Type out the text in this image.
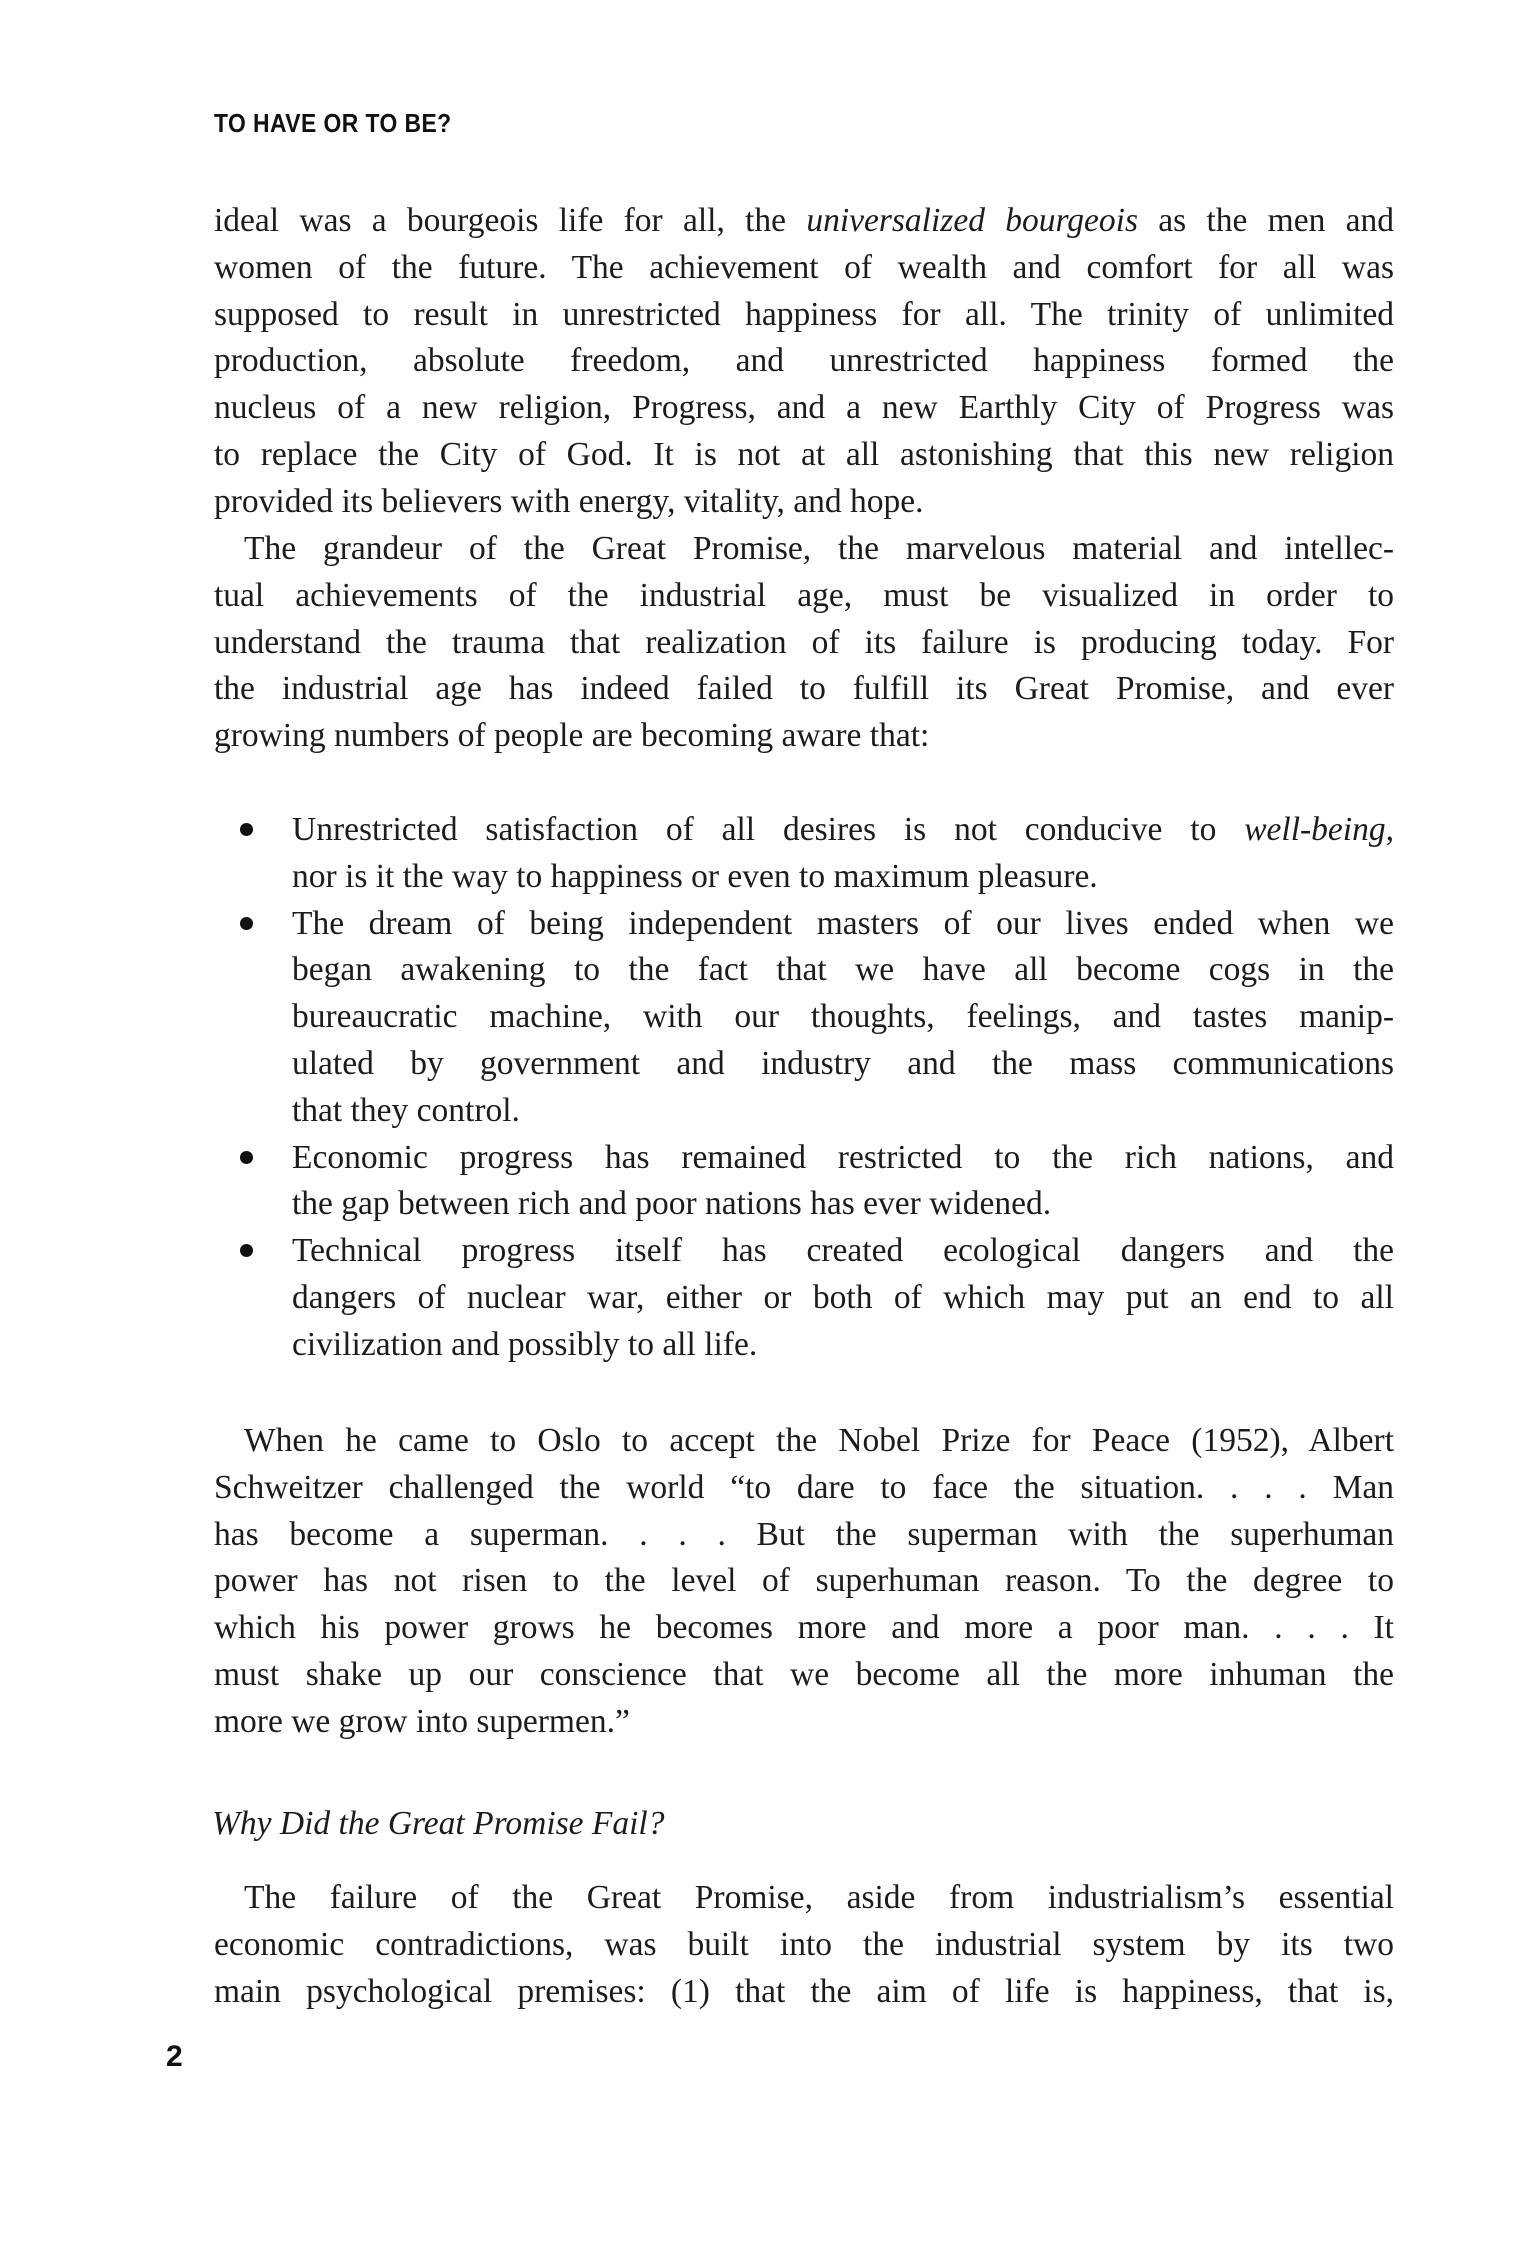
TO HAVE OR TO BE?
ideal was a bourgeois life for all, the universalized bourgeois as the men and
women of the future. The achievement of wealth and comfort for all was
supposed to result in unrestricted happiness for all. The trinity of unlimited
production, absolute freedom, and unrestricted happiness formed the
nucleus of a new religion, Progress, and a new Earthly City of Progress was
to replace the City of God. It is not at all astonishing that this new religion
provided its believers with energy, vitality, and hope.
The grandeur of the Great Promise, the marvelous material and intellec-
tual achievements of the industrial age, must be visualized in order to
understand the trauma that realization of its failure is producing today. For
the industrial age has indeed failed to fulfill its Great Promise, and ever
growing numbers of people are becoming aware that:
Unrestricted satisfaction of all desires is not conducive to well-being,
nor is it the way to happiness or even to maximum pleasure.
The dream of being independent masters of our lives ended when we
began awakening to the fact that we have all become cogs in the
bureaucratic machine, with our thoughts, feelings, and tastes manip-
ulated by government and industry and the mass communications
that they control.
Economic progress has remained restricted to the rich nations, and
the gap between rich and poor nations has ever widened.
Technical progress itself has created ecological dangers and the
dangers of nuclear war, either or both of which may put an end to all
civilization and possibly to all life.
When he came to Oslo to accept the Nobel Prize for Peace (1952), Albert
Schweitzer challenged the world “to dare to face the situation. . . . Man
has become a superman. . . . But the superman with the superhuman
power has not risen to the level of superhuman reason. To the degree to
which his power grows he becomes more and more a poor man. . . . It
must shake up our conscience that we become all the more inhuman the
more we grow into supermen.”
The failure of the Great Promise, aside from industrialism’s essential
economic contradictions, was built into the industrial system by its two
main psychological premises: (1) that the aim of life is happiness, that is,
Why Did the Great Promise Fail?
2
